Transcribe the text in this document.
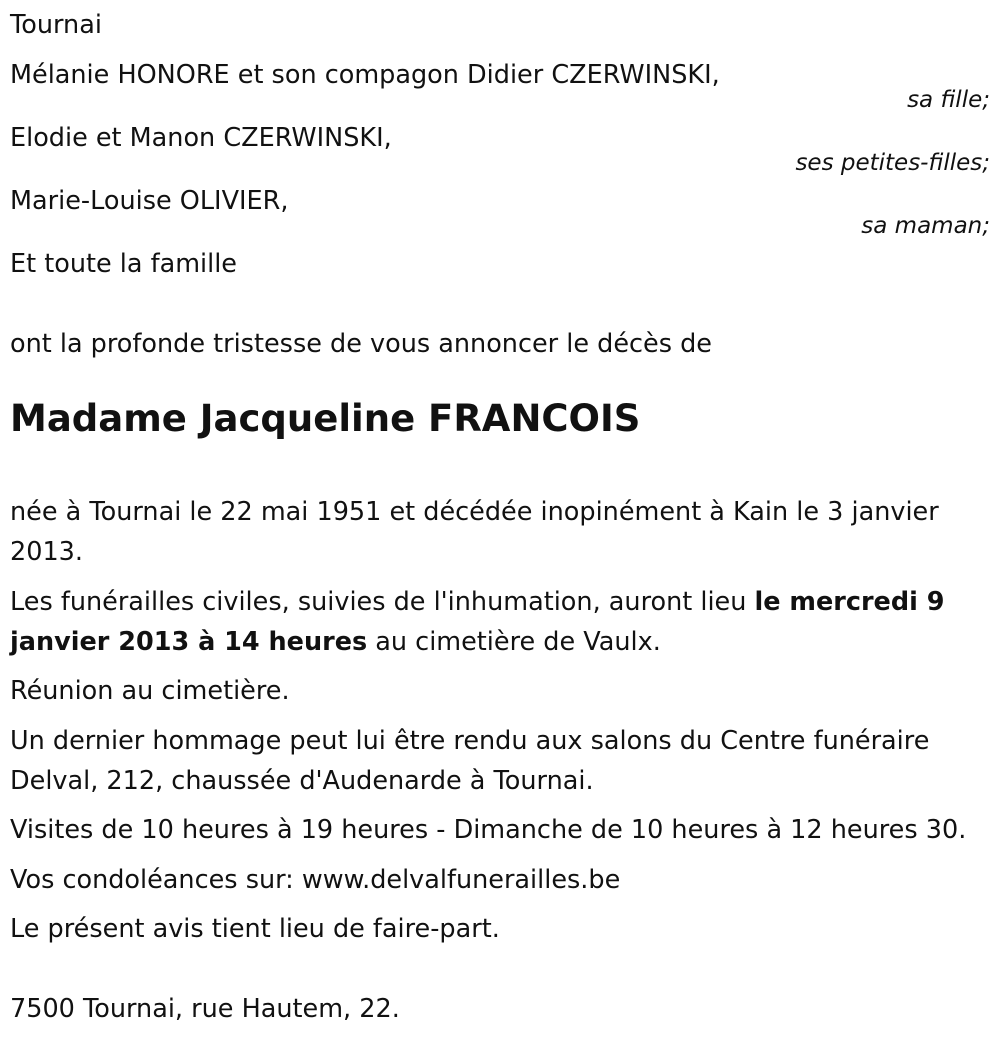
Tournai
Mélanie HONORE et son compagon Didier CZERWINSKI,
sa fille;
Elodie et Manon CZERWINSKI,
ses petites-filles;
Marie-Louise OLIVIER,
sa maman;
Et toute la famille
ont la profonde tristesse de vous annoncer le décès de
Madame Jacqueline FRANCOIS
née à Tournai le 22 mai 1951 et décédée inopinément à Kain le 3 janvier 2013.
Les funérailles civiles, suivies de l'inhumation, auront lieu le mercredi 9 janvier 2013 à 14 heures au cimetière de Vaulx.
Réunion au cimetière.
Un dernier hommage peut lui être rendu aux salons du Centre funéraire Delval, 212, chaussée d'Audenarde à Tournai.
Visites de 10 heures à 19 heures - Dimanche de 10 heures à 12 heures 30.
Vos condoléances sur: www.delvalfunerailles.be
Le présent avis tient lieu de faire-part.
7500 Tournai, rue Hautem, 22.
